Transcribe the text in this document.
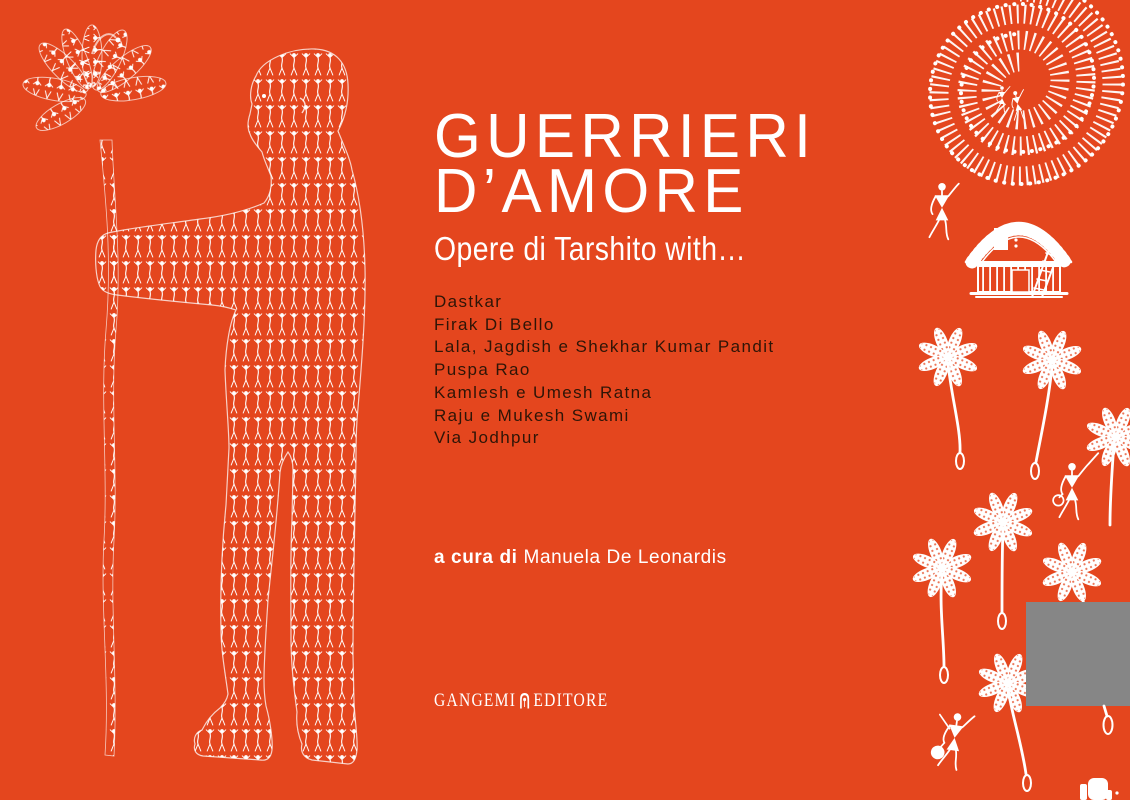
GUERRIERI
D’AMORE
Opere di Tarshito with…
Dastkar
Firak Di Bello
Lala, Jagdish e Shekhar Kumar Pandit
Puspa Rao
Kamlesh e Umesh Ratna
Raju e Mukesh Swami
Via Jodhpur
a cura di Manuela De Leonardis
GANGEMI EDITORE
